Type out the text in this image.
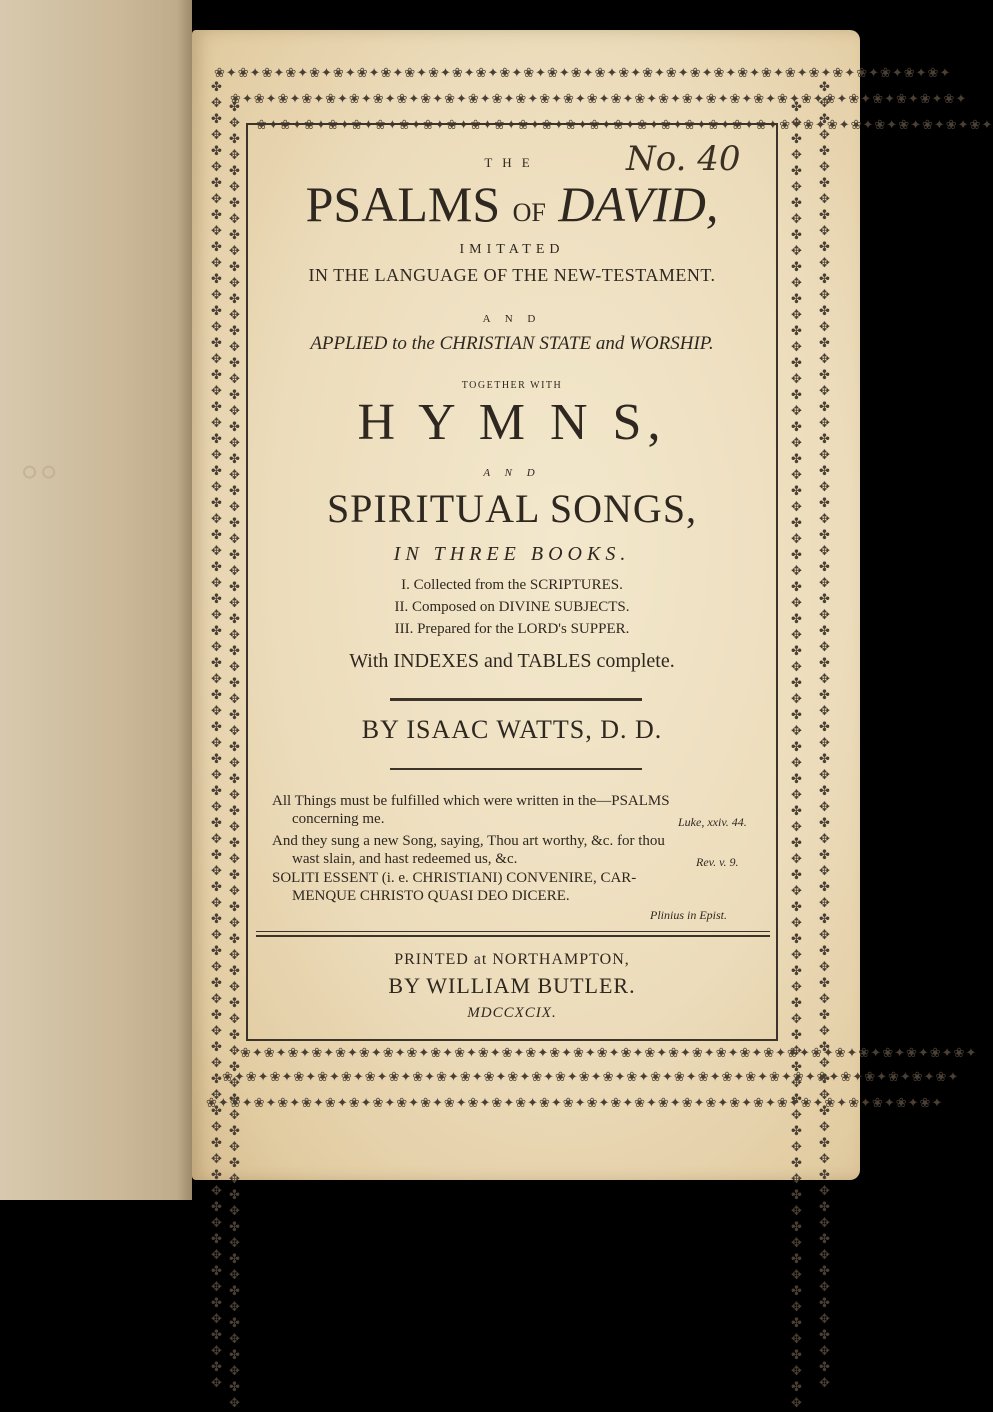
◦◦
❀✦❀✦❀✦❀✦❀✦❀✦❀✦❀✦❀✦❀✦❀✦❀✦❀✦❀✦❀✦❀✦❀✦❀✦❀✦❀✦❀✦❀✦❀✦❀✦❀✦❀✦❀✦❀✦❀✦❀✦❀✦
❀✦❀✦❀✦❀✦❀✦❀✦❀✦❀✦❀✦❀✦❀✦❀✦❀✦❀✦❀✦❀✦❀✦❀✦❀✦❀✦❀✦❀✦❀✦❀✦❀✦❀✦❀✦❀✦❀✦❀✦❀✦
❀✦❀✦❀✦❀✦❀✦❀✦❀✦❀✦❀✦❀✦❀✦❀✦❀✦❀✦❀✦❀✦❀✦❀✦❀✦❀✦❀✦❀✦❀✦❀✦❀✦❀✦❀✦❀✦❀✦❀✦❀✦
❀✦❀✦❀✦❀✦❀✦❀✦❀✦❀✦❀✦❀✦❀✦❀✦❀✦❀✦❀✦❀✦❀✦❀✦❀✦❀✦❀✦❀✦❀✦❀✦❀✦❀✦❀✦❀✦❀✦❀✦❀✦
❀✦❀✦❀✦❀✦❀✦❀✦❀✦❀✦❀✦❀✦❀✦❀✦❀✦❀✦❀✦❀✦❀✦❀✦❀✦❀✦❀✦❀✦❀✦❀✦❀✦❀✦❀✦❀✦❀✦❀✦❀✦
❀✦❀✦❀✦❀✦❀✦❀✦❀✦❀✦❀✦❀✦❀✦❀✦❀✦❀✦❀✦❀✦❀✦❀✦❀✦❀✦❀✦❀✦❀✦❀✦❀✦❀✦❀✦❀✦❀✦❀✦❀✦
✤✥✤✥✤✥✤✥✤✥✤✥✤✥✤✥✤✥✤✥✤✥✤✥✤✥✤✥✤✥✤✥✤✥✤✥✤✥✤✥✤✥✤✥✤✥✤✥✤✥✤✥✤✥✤✥✤✥✤✥✤✥✤✥✤✥✤✥✤✥✤✥✤✥✤✥✤✥✤✥✤✥ ✤✥✤✥✤✥✤✥✤✥✤✥✤✥✤✥✤✥✤✥✤✥✤✥✤✥✤✥✤✥✤✥✤✥✤✥✤✥✤✥✤✥✤✥✤✥✤✥✤✥✤✥✤✥✤✥✤✥✤✥✤✥✤✥✤✥✤✥✤✥✤✥✤✥✤✥✤✥✤✥✤✥	✤✥✤✥✤✥✤✥✤✥✤✥✤✥✤✥✤✥✤✥✤✥✤✥✤✥✤✥✤✥✤✥✤✥✤✥✤✥✤✥✤✥✤✥✤✥✤✥✤✥✤✥✤✥✤✥✤✥✤✥✤✥✤✥✤✥✤✥✤✥✤✥✤✥✤✥✤✥✤✥✤✥ ✤✥✤✥✤✥✤✥✤✥✤✥✤✥✤✥✤✥✤✥✤✥✤✥✤✥✤✥✤✥✤✥✤✥✤✥✤✥✤✥✤✥✤✥✤✥✤✥✤✥✤✥✤✥✤✥✤✥✤✥✤✥✤✥✤✥✤✥✤✥✤✥✤✥✤✥✤✥✤✥✤✥
No. 40
THE
PSALMS OF DAVID,
IMITATED
IN THE LANGUAGE OF THE NEW-TESTAMENT.
A N D
APPLIED to the CHRISTIAN STATE and WORSHIP.
TOGETHER WITH
H Y M N S,
A N D
SPIRITUAL SONGS,
IN THREE BOOKS.
I. Collected from the SCRIPTURES.
II. Composed on DIVINE SUBJECTS.
III. Prepared for the LORD's SUPPER.
With INDEXES and TABLES complete.
BY ISAAC WATTS, D. D.
All Things must be fulfilled which were written in the—PSALMS
concerning me.	Luke, xxiv. 44.
And they sung a new Song, saying, Thou art worthy, &c. for thou
wast slain, and hast redeemed us, &c.	Rev. v. 9.
SOLITI ESSENT (i. e. CHRISTIANI) CONVENIRE, CAR-
MENQUE CHRISTO QUASI DEO DICERE.
Plinius in Epist.
PRINTED at NORTHAMPTON,
BY WILLIAM BUTLER.
MDCCXCIX.
